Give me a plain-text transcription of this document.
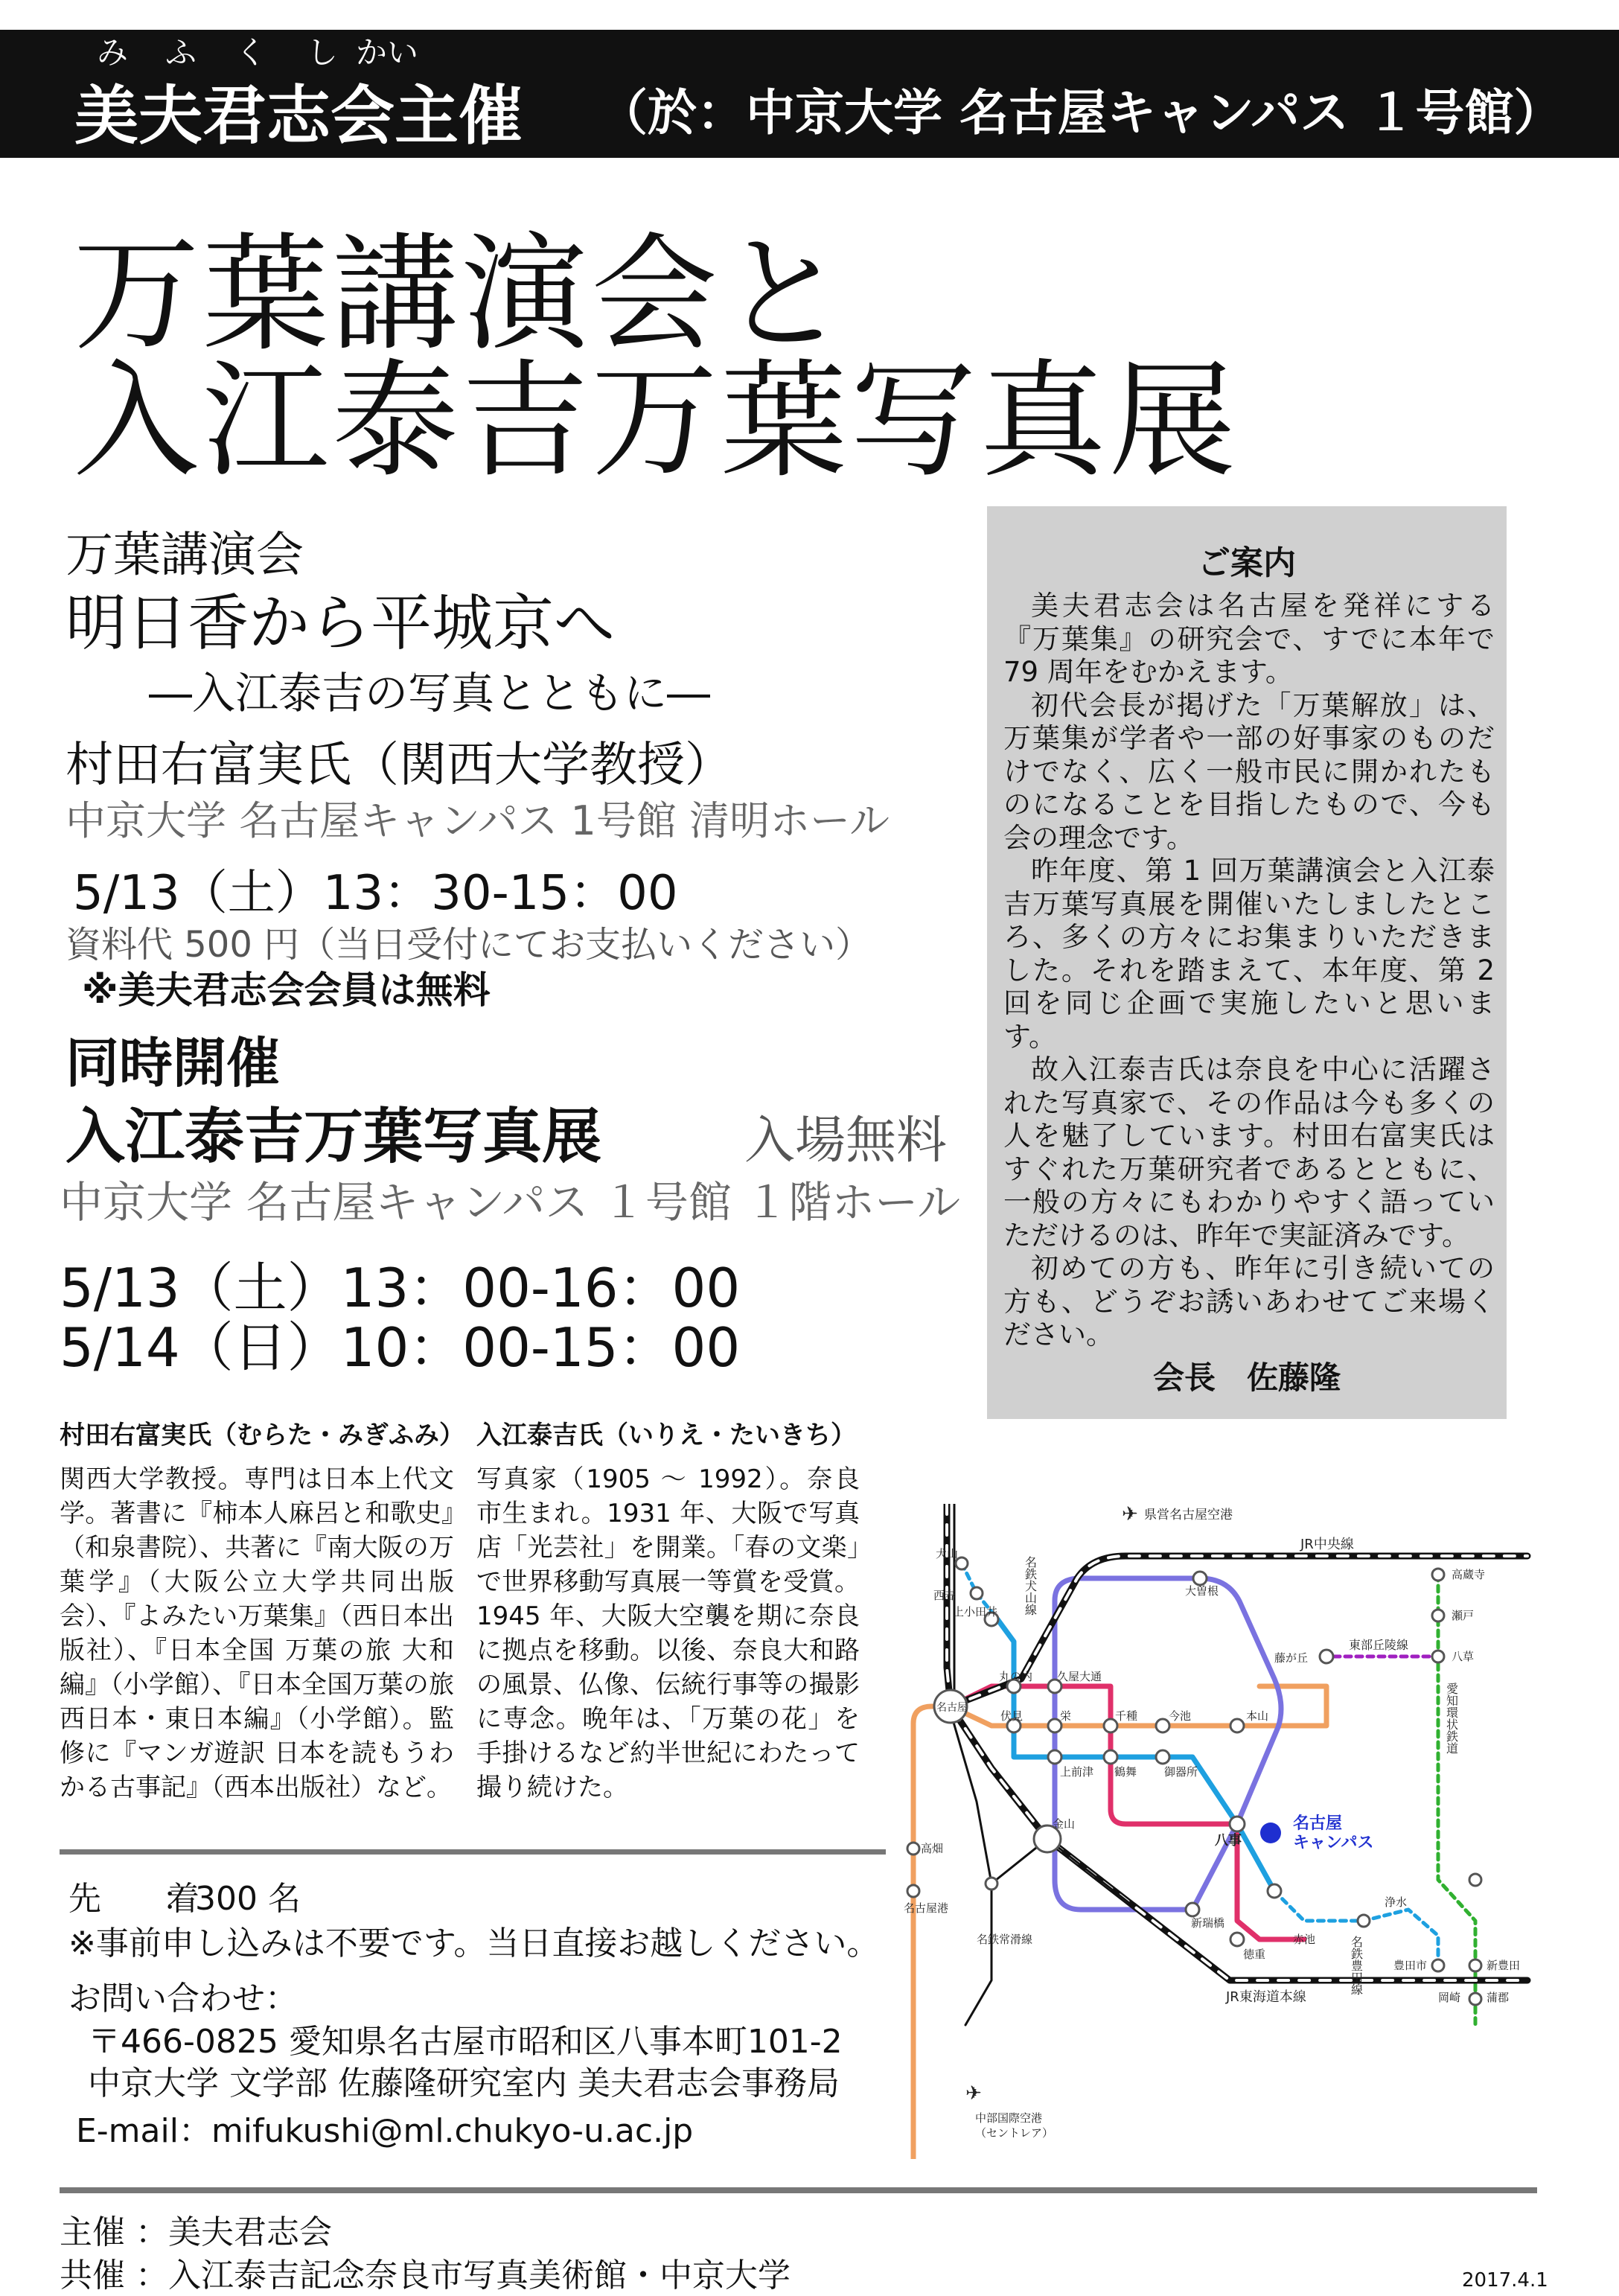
み ふ く し かい
美夫君志会主催 （於：中京大学 名古屋キャンパス １号館）
万葉講演会と
入江泰吉万葉写真展
万葉講演会
明日香から平城京へ
―入江泰吉の写真とともに―
村田右富実氏（関西大学教授）
中京大学 名古屋キャンパス 1号館 清明ホール
5/13（土）13：30-15：00
資料代 500 円（当日受付にてお支払いください）
※美夫君志会会員は無料
同時開催
入江泰吉万葉写真展	入場無料
中京大学 名古屋キャンパス １号館 １階ホール
5/13（土）13：00-16：00
5/14（日）10：00-15：00
ご案内

美夫君志会は名古屋を発祥にする『万葉集』の研究会で、すでに本年で 79 周年をむかえます。

初代会長が掲げた「万葉解放」は、万葉集が学者や一部の好事家のものだけでなく、広く一般市民に開かれたものになることを目指したもので、今も会の理念です。

昨年度、第 1 回万葉講演会と入江泰吉万葉写真展を開催いたしましたところ、多くの方々にお集まりいただきました。それを踏まえて、本年度、第 2 回を同じ企画で実施したいと思います。

故入江泰吉氏は奈良を中心に活躍された写真家で、その作品は今も多くの人を魅了しています。村田右富実氏はすぐれた万葉研究者であるとともに、一般の方々にもわかりやすく語っていただけるのは、昨年で実証済みです。

初めての方も、昨年に引き続いての方も、どうぞお誘いあわせてご来場ください。

会長　佐藤隆
村田右富実氏（むらた・みぎふみ）
関西大学教授。専門は日本上代文学。著書に『柿本人麻呂と和歌史』（和泉書院）、共著に『南大阪の万葉学』（大阪公立大学共同出版会）、『よみたい万葉集』（西日本出版社）、『日本全国 万葉の旅 大和編』（小学館）、『日本全国万葉の旅 西日本・東日本編』（小学館）。監修に『マンガ遊訳 日本を読もうわかる古事記』（西本出版社）など。
入江泰吉氏（いりえ・たいきち）
写真家（1905 ～ 1992）。奈良市生まれ。1931 年、大阪で写真店「光芸社」を開業。「春の文楽」で世界移動写真展一等賞を受賞。1945 年、大阪大空襲を期に奈良に拠点を移動。以後、奈良大和路の風景、仏像、伝統行事等の撮影に専念。晩年は、「万葉の花」を手掛けるなど約半世紀にわたって撮り続けた。
先　　着
：300 名
※事前申し込みは不要です。当日直接お越しください。
お問い合わせ：
〒466-0825 愛知県名古屋市昭和区八事本町101-2
中京大学 文学部 佐藤隆研究室内 美夫君志会事務局
E-mail：mifukushi@ml.chukyo-u.ac.jp
主催 ：美夫君志会
共催 ：入江泰吉記念奈良市写真美術館・中京大学	2017.4.1
名古屋
キャンパス
✈ 県営名古屋空港
✈
中部国際空港
（セントレア）
JR中央線
JR東海道本線
東部丘陵線
名鉄常滑線
愛知環状鉄道
名鉄豊田線
名鉄犬山線
犬山
西春
上小田井
名古屋
丸の内 久屋大通
伏見	栄	千種	今池	本山
大曽根
藤が丘
高蔵寺
瀬戸
八草
上前津 鶴舞 御器所
金山
八事
高畑
名古屋港
新瑞橋
徳重
赤池
浄水
豊田市	新豊田
岡崎 蒲郡
